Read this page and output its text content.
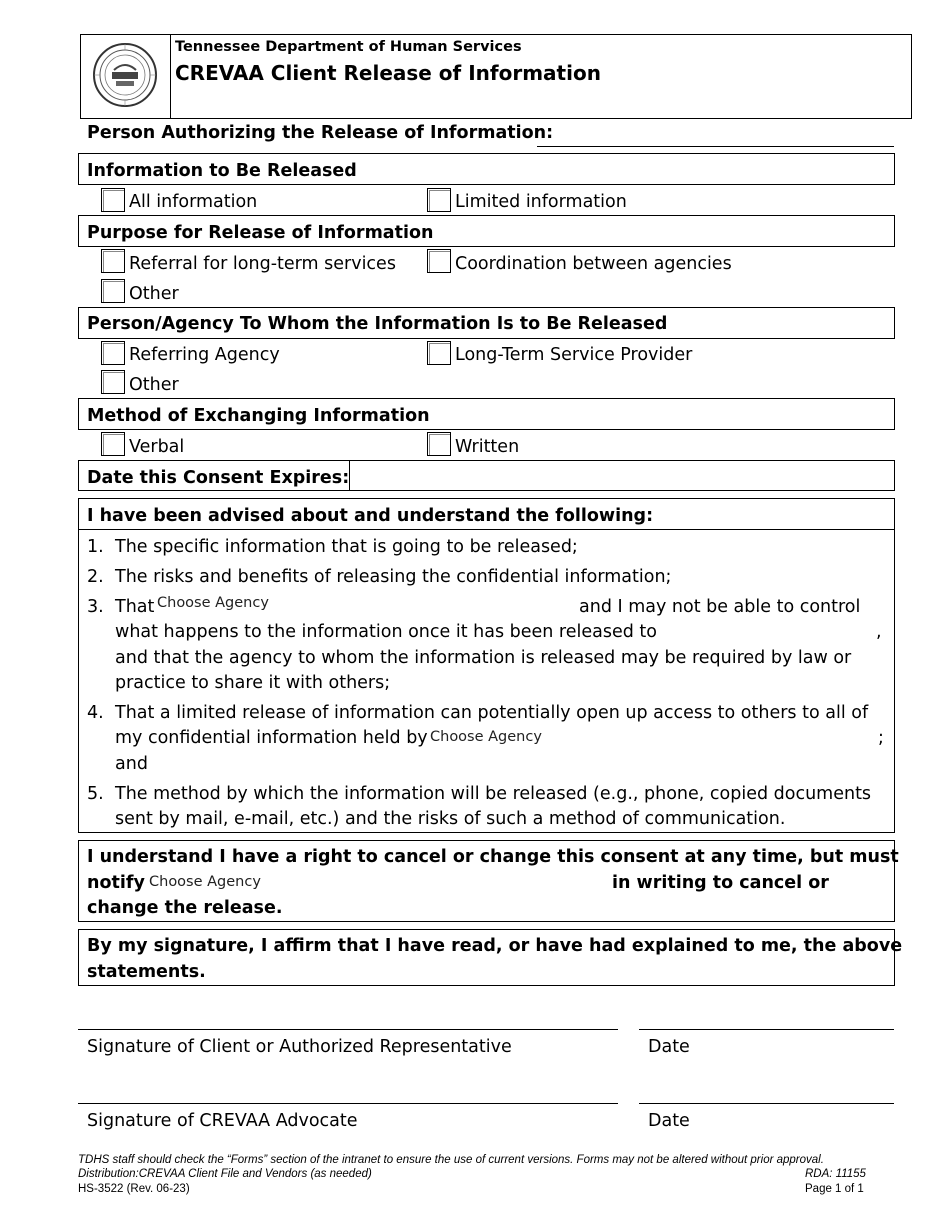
Tennessee Department of Human Services
CREVAA Client Release of Information
Person Authorizing the Release of Information:
Information to Be Released
All information	Limited information
Purpose for Release of Information
Referral for long-term services	Coordination between agencies
Other
Person/Agency To Whom the Information Is to Be Released
Referring Agency	Long-Term Service Provider
Other
Method of Exchanging Information
Verbal	Written
Date this Consent Expires:
I have been advised about and understand the following:
1. The specific information that is going to be released;
2. The risks and benefits of releasing the confidential information;
3. That Choose Agency	and I may not be able to control
what happens to the information once it has been released to	,
and that the agency to whom the information is released may be required by law or
practice to share it with others;
4. That a limited release of information can potentially open up access to others to all of
my confidential information held by Choose Agency	;
and
5. The method by which the information will be released (e.g., phone, copied documents
sent by mail, e-mail, etc.) and the risks of such a method of communication.
I understand I have a right to cancel or change this consent at any time, but must
notify Choose Agency	in writing to cancel or
change the release.
By my signature, I affirm that I have read, or have had explained to me, the above
statements.
Signature of Client or Authorized Representative	Date
Signature of CREVAA Advocate	Date
TDHS staff should check the “Forms” section of the intranet to ensure the use of current versions. Forms may not be altered without prior approval.
Distribution:CREVAA Client File and Vendors (as needed)	RDA: 11155
HS-3522 (Rev. 06-23)	Page 1 of 1
